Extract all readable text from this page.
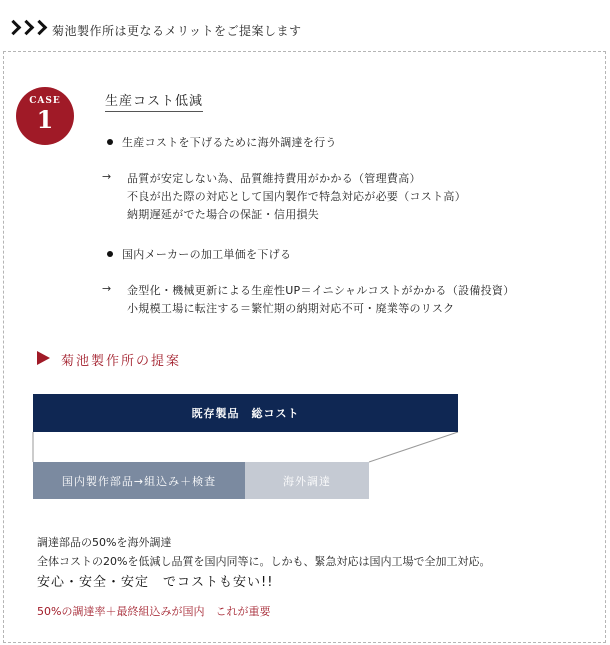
菊池製作所は更なるメリットをご提案します
CASE
1
生産コスト低減
生産コストを下げるために海外調達を行う
→ 品質が安定しない為、品質維持費用がかかる（管理費高）
不良が出た際の対応として国内製作で特急対応が必要（コスト高）
納期遅延がでた場合の保証・信用損失
国内メーカーの加工単価を下げる
→ 金型化・機械更新による生産性UP＝イニシャルコストがかかる（設備投資）
小規模工場に転注する＝繁忙期の納期対応不可・廃業等のリスク
菊池製作所の提案
既存製品　総コスト
国内製作部品→組込み＋検査	海外調達
調達部品の50%を海外調達
全体コストの20%を低減し品質を国内同等に。しかも、緊急対応は国内工場で全加工対応。
安心・安全・安定　でコストも安い!!
50%の調達率＋最終組込みが国内　これが重要
